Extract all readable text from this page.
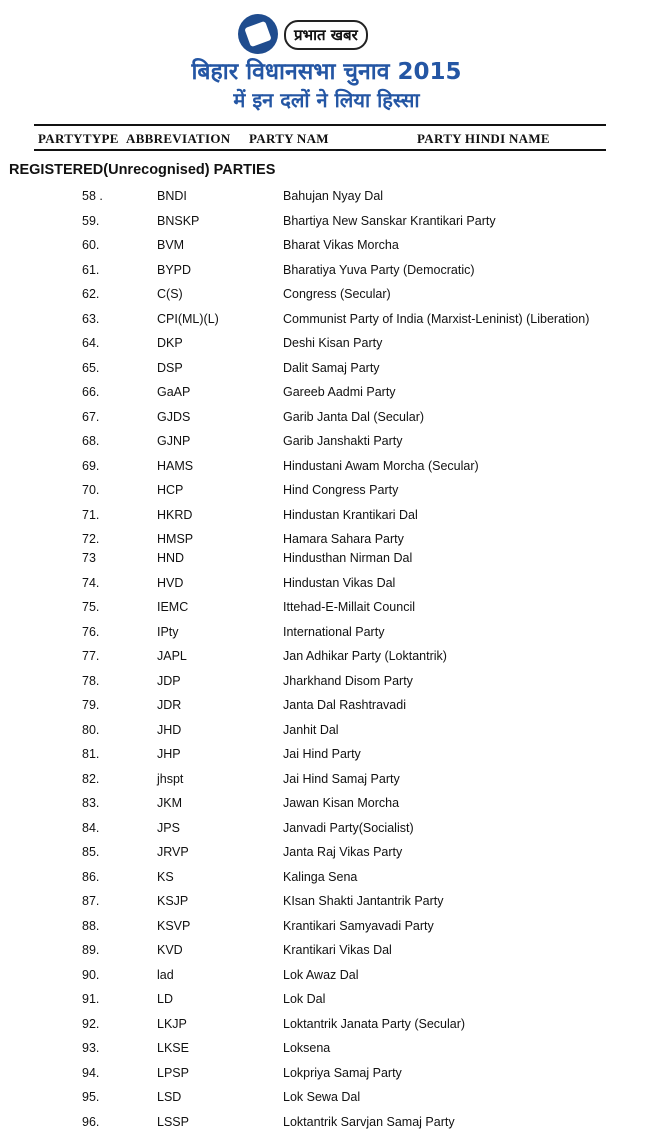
प्रभात खबर
बिहार विधानसभा चुनाव 2015
में इन दलों ने लिया हिस्सा
PARTYTYPE ABBREVIATION PARTY NAM	PARTY HINDI NAME
REGISTERED(Unrecognised) PARTIES
58 .	BNDI	Bahujan Nyay Dal
59.	BNSKP	Bhartiya New Sanskar Krantikari Party
60.	BVM	Bharat Vikas Morcha
61.	BYPD	Bharatiya Yuva Party (Democratic)
62.	C(S)	Congress (Secular)
63.	CPI(ML)(L)	Communist Party of India (Marxist-Leninist) (Liberation)
64.	DKP	Deshi Kisan Party
65.	DSP	Dalit Samaj Party
66.	GaAP	Gareeb Aadmi Party
67.	GJDS	Garib Janta Dal (Secular)
68.	GJNP	Garib Janshakti Party
69.	HAMS	Hindustani Awam Morcha (Secular)
70.	HCP	Hind Congress Party
71.	HKRD	Hindustan Krantikari Dal
72.	HMSP	Hamara Sahara Party
73	HND	Hindusthan Nirman Dal
74.	HVD	Hindustan Vikas Dal
75.	IEMC	Ittehad-E-Millait Council
76.	IPty	International Party
77.	JAPL	Jan Adhikar Party (Loktantrik)
78.	JDP	Jharkhand Disom Party
79.	JDR	Janta Dal Rashtravadi
80.	JHD	Janhit Dal
81.	JHP	Jai Hind Party
82.	jhspt	Jai Hind Samaj Party
83.	JKM	Jawan Kisan Morcha
84.	JPS	Janvadi Party(Socialist)
85.	JRVP	Janta Raj Vikas Party
86.	KS	Kalinga Sena
87.	KSJP	KIsan Shakti Jantantrik Party
88.	KSVP	Krantikari Samyavadi Party
89.	KVD	Krantikari Vikas Dal
90.	lad	Lok Awaz Dal
91.	LD	Lok Dal
92.	LKJP	Loktantrik Janata Party (Secular)
93.	LKSE	Loksena
94.	LPSP	Lokpriya Samaj Party
95.	LSD	Lok Sewa Dal
96.	LSSP	Loktantrik Sarvjan Samaj Party
